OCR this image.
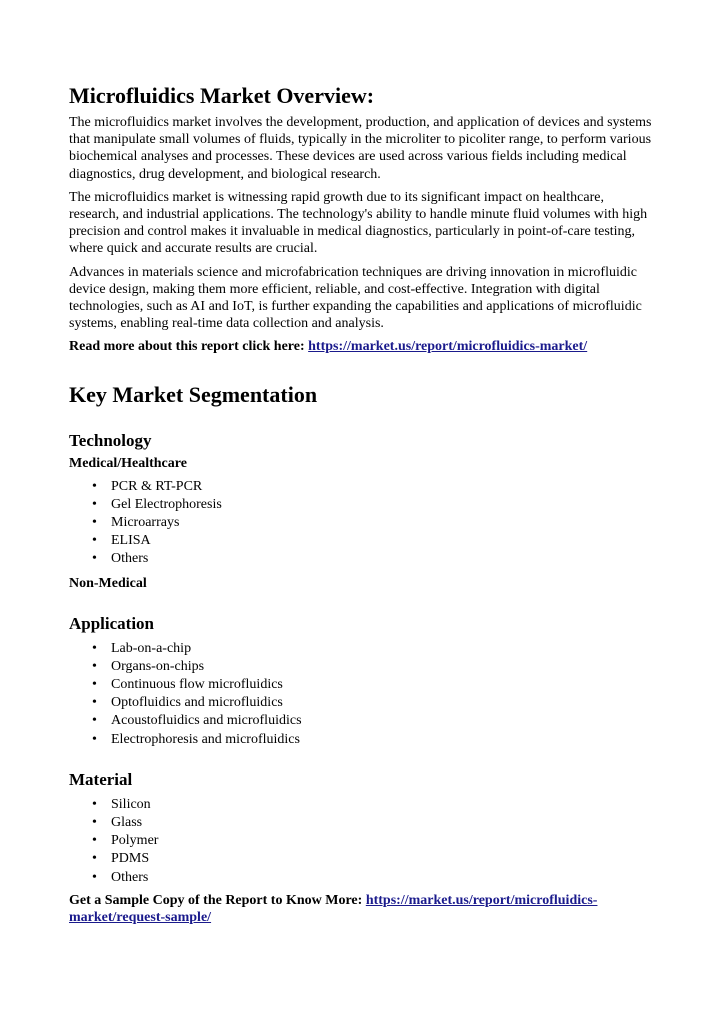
Microfluidics Market Overview:

The microfluidics market involves the development, production, and application of devices and systems that manipulate small volumes of fluids, typically in the microliter to picoliter range, to perform various biochemical analyses and processes. These devices are used across various fields including medical diagnostics, drug development, and biological research.

The microfluidics market is witnessing rapid growth due to its significant impact on healthcare, research, and industrial applications. The technology's ability to handle minute fluid volumes with high precision and control makes it invaluable in medical diagnostics, particularly in point-of-care testing, where quick and accurate results are crucial.

Advances in materials science and microfabrication techniques are driving innovation in microfluidic device design, making them more efficient, reliable, and cost-effective. Integration with digital technologies, such as AI and IoT, is further expanding the capabilities and applications of microfluidic systems, enabling real-time data collection and analysis.

Read more about this report click here: https://market.us/report/microfluidics-market/

Key Market Segmentation
Technology
Medical/Healthcare
• PCR & RT-PCR
• Gel Electrophoresis
• Microarrays
• ELISA
• Others
Non-Medical
Application
• Lab-on-a-chip
• Organs-on-chips
• Continuous flow microfluidics
• Optofluidics and microfluidics
• Acoustofluidics and microfluidics
• Electrophoresis and microfluidics
Material
• Silicon
• Glass
• Polymer
• PDMS
• Others

Get a Sample Copy of the Report to Know More: https://market.us/report/microfluidics-market/request-sample/
